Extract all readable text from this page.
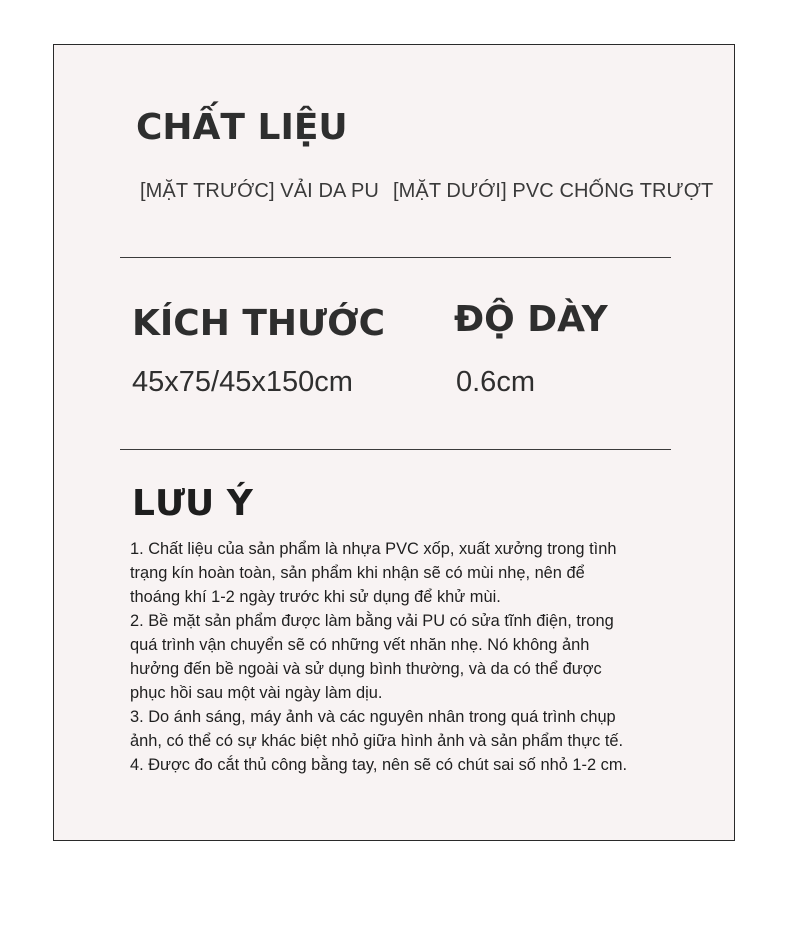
CHẤT LIỆU
[MẶT TRƯỚC] VẢI DA PU [MẶT DƯỚI] PVC CHỐNG TRƯỢT
KÍCH THƯỚC
45x75/45x150cm
ĐỘ DÀY
0.6cm
LƯU Ý
1. Chất liệu của sản phẩm là nhựa PVC xốp, xuất xưởng trong tình
trạng kín hoàn toàn, sản phẩm khi nhận sẽ có mùi nhẹ, nên để
thoáng khí 1-2 ngày trước khi sử dụng để khử mùi.
2. Bề mặt sản phẩm được làm bằng vải PU có sửa tĩnh điện, trong
quá trình vận chuyển sẽ có những vết nhăn nhẹ. Nó không ảnh
hưởng đến bề ngoài và sử dụng bình thường, và da có thể được
phục hồi sau một vài ngày làm dịu.
3. Do ánh sáng, máy ảnh và các nguyên nhân trong quá trình chụp
ảnh, có thể có sự khác biệt nhỏ giữa hình ảnh và sản phẩm thực tế.
4. Được đo cắt thủ công bằng tay, nên sẽ có chút sai số nhỏ 1-2 cm.
